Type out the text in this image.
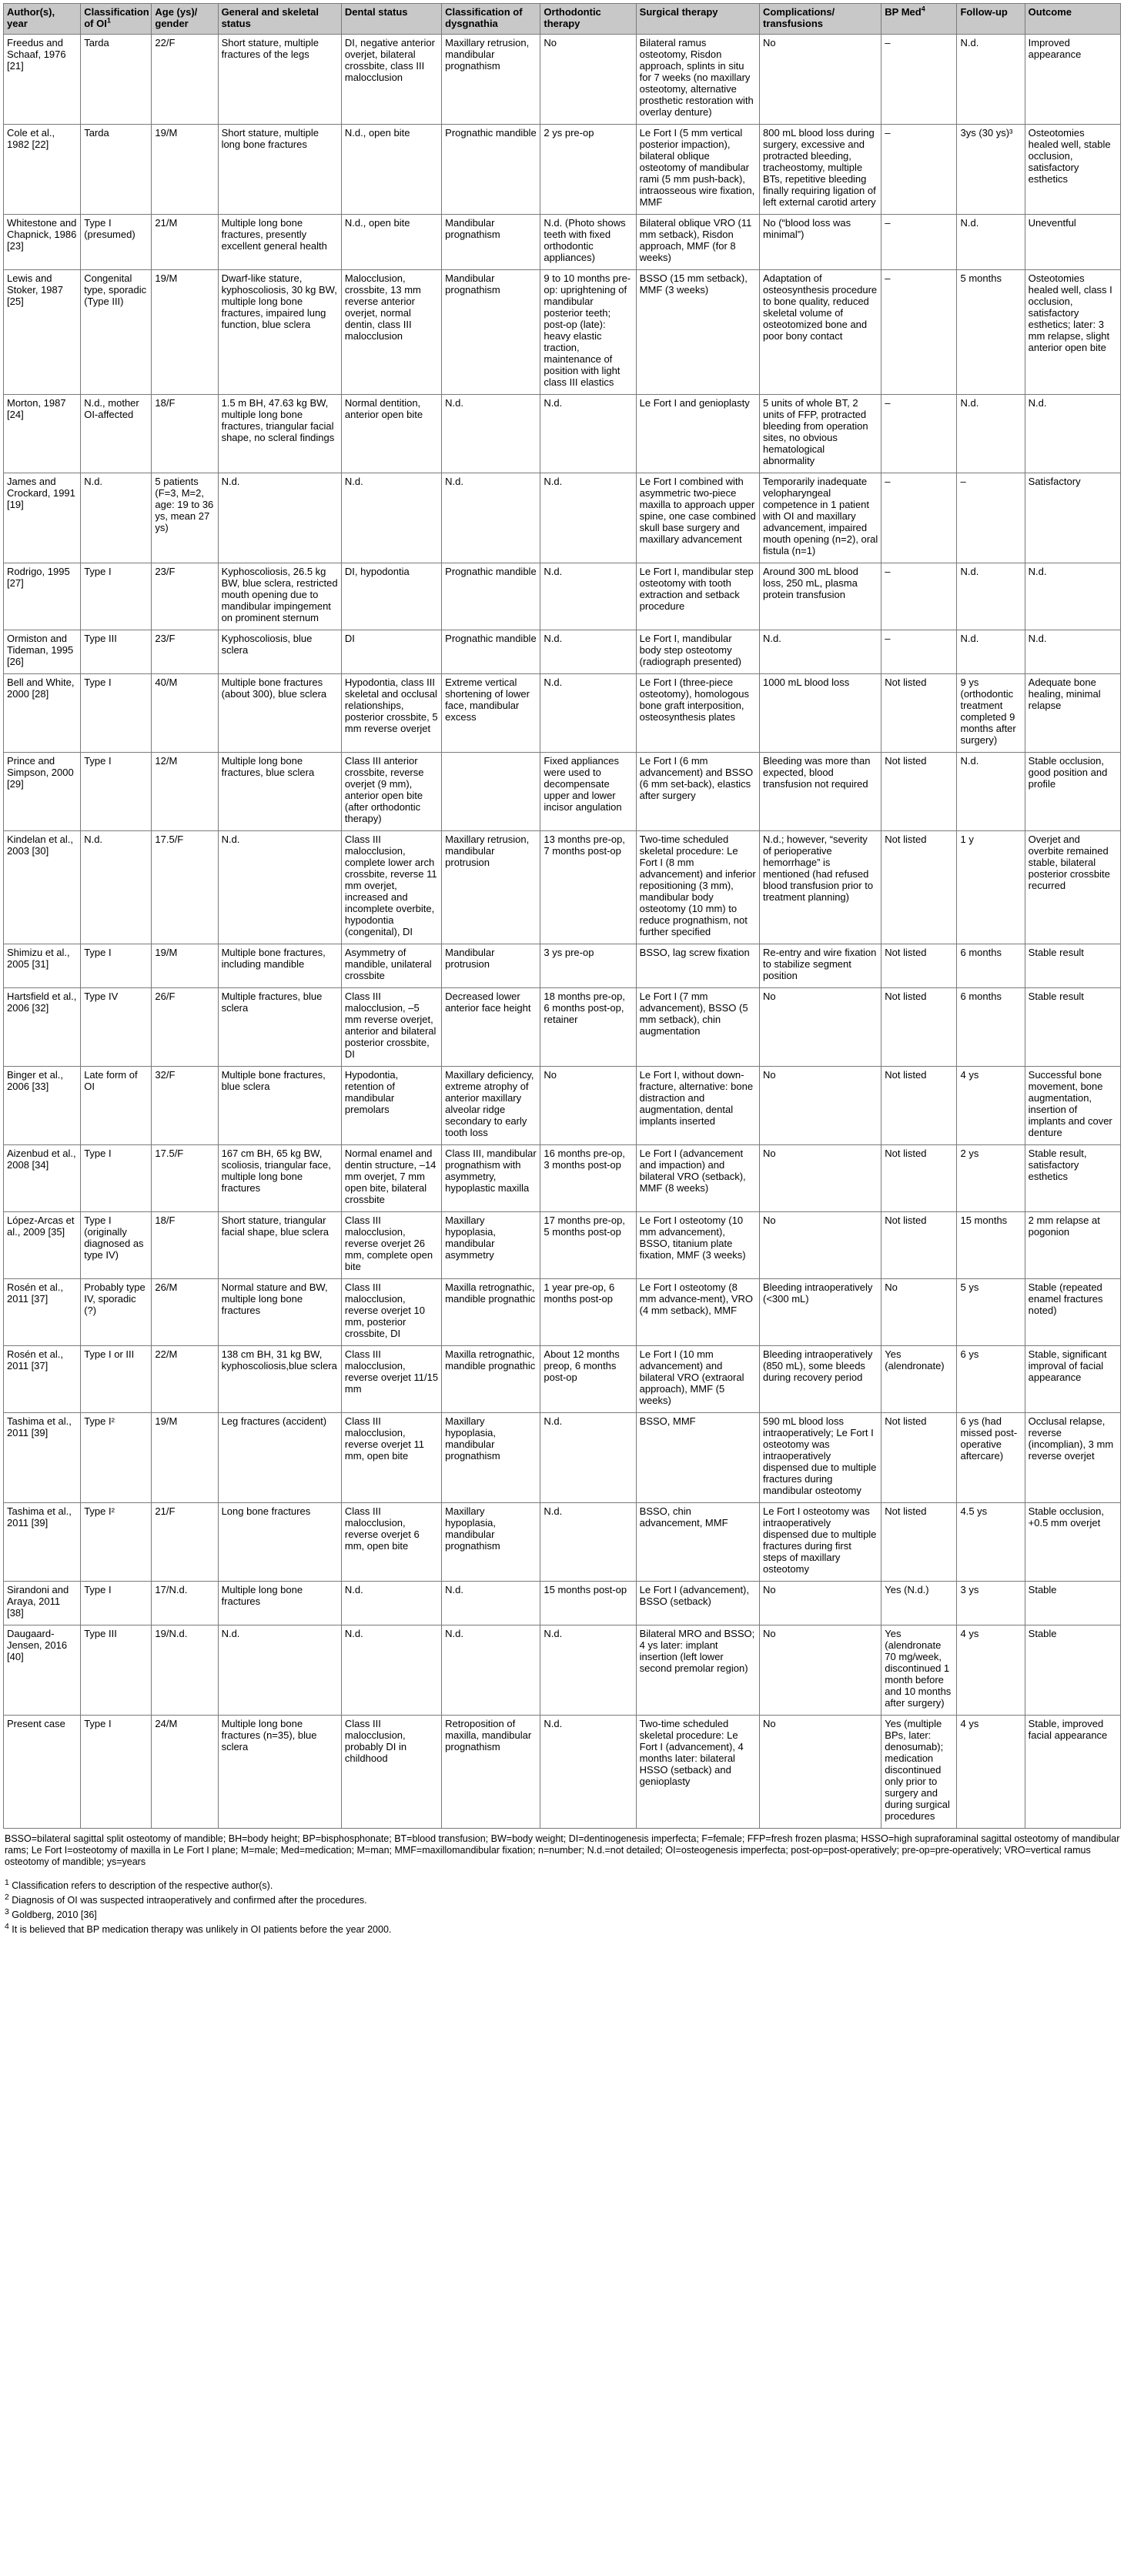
Author(s), year	Classification of $OI^1$	Age (ys)/ gender	General and skeletal status	Dental status	Classification of dysgnathia	Orthodontic therapy	Surgical therapy	Complications/ transfusions	BP Med$^4$	Follow-up	Outcome
Freedus and Schaaf, 1976 [21]	Tarda	22/F	Short stature, multiple fractures of the legs	DI, negative anterior overjet, bilateral crossbite, class III malocclusion	Maxillary retrusion, mandibular prognathism	No	Bilateral ramus osteotomy, Risdon approach, splints in situ for 7 weeks (no maxillary osteotomy, alternative prosthetic restoration with overlay denture)	No	–	N.d.	Improved appearance
Cole et al., 1982 [22]	Tarda	19/M	Short stature, multiple long bone fractures	N.d., open bite	Prognathic mandible	2 ys pre-op	Le Fort I (5 mm vertical posterior impaction), bilateral oblique osteotomy of mandibular rami (5 mm push-back), intraosseous wire fixation, MMF	800 mL blood loss during surgery, excessive and protracted bleeding, tracheostomy, multiple BTs, repetitive bleeding finally requiring ligation of left external carotid artery	–	3ys (30 ys)³	Osteotomies healed well, stable occlusion, satisfactory esthetics
Whitestone and Chapnick, 1986 [23]	Type I (presumed)	21/M	Multiple long bone fractures, presently excellent general health	N.d., open bite	Mandibular prognathism	N.d. (Photo shows teeth with fixed orthodontic appliances)	Bilateral oblique VRO (11 mm setback), Risdon approach, MMF (for 8 weeks)	No (“blood loss was minimal”)	–	N.d.	Uneventful
Lewis and Stoker, 1987 [25]	Congenital type, sporadic (Type III)	19/M	Dwarf-like stature, kyphoscoliosis, 30 kg BW, multiple long bone fractures, impaired lung function, blue sclera	Malocclusion, crossbite, 13 mm reverse anterior overjet, normal dentin, class III malocclusion	Mandibular prognathism	9 to 10 months pre-op: uprightening of mandibular posterior teeth; post-op (late): heavy elastic traction, maintenance of position with light class III elastics	BSSO (15 mm setback), MMF (3 weeks)	Adaptation of osteosynthesis procedure to bone quality, reduced skeletal volume of osteotomized bone and poor bony contact	–	5 months	Osteotomies healed well, class I occlusion, satisfactory esthetics; later: 3 mm relapse, slight anterior open bite
Morton, 1987 [24]	N.d., mother OI-affected	18/F	1.5 m BH, 47.63 kg BW, multiple long bone fractures, triangular facial shape, no scleral findings	Normal dentition, anterior open bite	N.d.	N.d.	Le Fort I and genioplasty	5 units of whole BT, 2 units of FFP, protracted bleeding from operation sites, no obvious hematological abnormality	–	N.d.	N.d.
James and Crockard, 1991 [19]	N.d.	5 patients (F=3, M=2, age: 19 to 36 ys, mean 27 ys)	N.d.	N.d.	N.d.	N.d.	Le Fort I combined with asymmetric two-piece maxilla to approach upper spine, one case combined skull base surgery and maxillary advancement	Temporarily inadequate velopharyngeal competence in 1 patient with OI and maxillary advancement, impaired mouth opening (n=2), oral fistula (n=1)	–	–	Satisfactory
Rodrigo, 1995 [27]	Type I	23/F	Kyphoscoliosis, 26.5 kg BW, blue sclera, restricted mouth opening due to mandibular impingement on prominent sternum	DI, hypodontia	Prognathic mandible	N.d.	Le Fort I, mandibular step osteotomy with tooth extraction and setback procedure	Around 300 mL blood loss, 250 mL, plasma protein transfusion	–	N.d.	N.d.
Ormiston and Tideman, 1995 [26]	Type III	23/F	Kyphoscoliosis, blue sclera	DI	Prognathic mandible	N.d.	Le Fort I, mandibular body step osteotomy (radiograph presented)	N.d.	–	N.d.	N.d.
Bell and White, 2000 [28]	Type I	40/M	Multiple bone fractures (about 300), blue sclera	Hypodontia, class III skeletal and occlusal relationships, posterior crossbite, 5 mm reverse overjet	Extreme vertical shortening of lower face, mandibular excess	N.d.	Le Fort I (three-piece osteotomy), homologous bone graft interposition, osteosynthesis plates	1000 mL blood loss	Not listed	9 ys (orthodontic treatment completed 9 months after surgery)	Adequate bone healing, minimal relapse
Prince and Simpson, 2000 [29]	Type I	12/M	Multiple long bone fractures, blue sclera	Class III anterior crossbite, reverse overjet (9 mm), anterior open bite (after orthodontic therapy)		Fixed appliances were used to decompensate upper and lower incisor angulation	Le Fort I (6 mm advancement) and BSSO (6 mm set-back), elastics after surgery	Bleeding was more than expected, blood transfusion not required	Not listed	N.d.	Stable occlusion, good position and profile
Kindelan et al., 2003 [30]	N.d.	17.5/F	N.d.	Class III malocclusion, complete lower arch crossbite, reverse 11 mm overjet, increased and incomplete overbite, hypodontia (congenital), DI	Maxillary retrusion, mandibular protrusion	13 months pre-op, 7 months post-op	Two-time scheduled skeletal procedure: Le Fort I (8 mm advancement) and inferior repositioning (3 mm), mandibular body osteotomy (10 mm) to reduce prognathism, not further specified	N.d.; however, “severity of perioperative hemorrhage” is mentioned (had refused blood transfusion prior to treatment planning)	Not listed	1 y	Overjet and overbite remained stable, bilateral posterior crossbite recurred
Shimizu et al., 2005 [31]	Type I	19/M	Multiple bone fractures, including mandible	Asymmetry of mandible, unilateral crossbite	Mandibular protrusion	3 ys pre-op	BSSO, lag screw fixation	Re-entry and wire fixation to stabilize segment position	Not listed	6 months	Stable result
Hartsfield et al., 2006 [32]	Type IV	26/F	Multiple fractures, blue sclera	Class III malocclusion, –5 mm reverse overjet, anterior and bilateral posterior crossbite, DI	Decreased lower anterior face height	18 months pre-op, 6 months post-op, retainer	Le Fort I (7 mm advancement), BSSO (5 mm setback), chin augmentation	No	Not listed	6 months	Stable result
Binger et al., 2006 [33]	Late form of OI	32/F	Multiple bone fractures, blue sclera	Hypodontia, retention of mandibular premolars	Maxillary deficiency, extreme atrophy of anterior maxillary alveolar ridge secondary to early tooth loss	No	Le Fort I, without down-fracture, alternative: bone distraction and augmentation, dental implants inserted	No	Not listed	4 ys	Successful bone movement, bone augmentation, insertion of implants and cover denture
Aizenbud et al., 2008 [34]	Type I	17.5/F	167 cm BH, 65 kg BW, scoliosis, triangular face, multiple long bone fractures	Normal enamel and dentin structure, –14 mm overjet, 7 mm open bite, bilateral crossbite	Class III, mandibular prognathism with asymmetry, hypoplastic maxilla	16 months pre-op, 3 months post-op	Le Fort I (advancement and impaction) and bilateral VRO (setback), MMF (8 weeks)	No	Not listed	2 ys	Stable result, satisfactory esthetics
López-Arcas et al., 2009 [35]	Type I (originally diagnosed as type IV)	18/F	Short stature, triangular facial shape, blue sclera	Class III malocclusion, reverse overjet 26 mm, complete open bite	Maxillary hypoplasia, mandibular asymmetry	17 months pre-op, 5 months post-op	Le Fort I osteotomy (10 mm advancement), BSSO, titanium plate fixation, MMF (3 weeks)	No	Not listed	15 months	2 mm relapse at pogonion
Rosén et al., 2011 [37]	Probably type IV, sporadic (?)	26/M	Normal stature and BW, multiple long bone fractures	Class III malocclusion, reverse overjet 10 mm, posterior crossbite, DI	Maxilla retrognathic, mandible prognathic	1 year pre-op, 6 months post-op	Le Fort I osteotomy (8 mm advance-ment), VRO (4 mm setback), MMF	Bleeding intraoperatively (<300 mL)	No	5 ys	Stable (repeated enamel fractures noted)
Rosén et al., 2011 [37]	Type I or III	22/M	138 cm BH, 31 kg BW, kyphoscoliosis,blue sclera	Class III malocclusion, reverse overjet 11/15 mm	Maxilla retrognathic, mandible prognathic	About 12 months preop, 6 months post-op	Le Fort I (10 mm advancement) and bilateral VRO (extraoral approach), MMF (5 weeks)	Bleeding intraoperatively (850 mL), some bleeds during recovery period	Yes (alendronate)	6 ys	Stable, significant improval of facial appearance
Tashima et al., 2011 [39]	Type I²	19/M	Leg fractures (accident)	Class III malocclusion, reverse overjet 11 mm, open bite	Maxillary hypoplasia, mandibular prognathism	N.d.	BSSO, MMF	590 mL blood loss intraoperatively; Le Fort I osteotomy was intraoperatively dispensed due to multiple fractures during mandibular osteotomy	Not listed	6 ys (had missed post-operative aftercare)	Occlusal relapse, reverse (incomplian), 3 mm reverse overjet
Tashima et al., 2011 [39]	Type I²	21/F	Long bone fractures	Class III malocclusion, reverse overjet 6 mm, open bite	Maxillary hypoplasia, mandibular prognathism	N.d.	BSSO, chin advancement, MMF	Le Fort I osteotomy was intraoperatively dispensed due to multiple fractures during first steps of maxillary osteotomy	Not listed	4.5 ys	Stable occlusion, +0.5 mm overjet
Sirandoni and Araya, 2011 [38]	Type I	17/N.d.	Multiple long bone fractures	N.d.	N.d.	15 months post-op	Le Fort I (advancement), BSSO (setback)	No	Yes (N.d.)	3 ys	Stable
Daugaard-Jensen, 2016 [40]	Type III	19/N.d.	N.d.	N.d.	N.d.	N.d.	Bilateral MRO and BSSO; 4 ys later: implant insertion (left lower second premolar region)	No	Yes (alendronate 70 mg/week, discontinued 1 month before and 10 months after surgery)	4 ys	Stable
Present case	Type I	24/M	Multiple long bone fractures (n=35), blue sclera	Class III malocclusion, probably DI in childhood	Retroposition of maxilla, mandibular prognathism	N.d.	Two-time scheduled skeletal procedure: Le Fort I (advancement), 4 months later: bilateral HSSO (setback) and genioplasty	No	Yes (multiple BPs, later: denosumab); medication discontinued only prior to surgery and during surgical procedures	4 ys	Stable, improved facial appearance
BSSO=bilateral sagittal split osteotomy of mandible; BH=body height; BP=bisphosphonate; BT=blood transfusion; BW=body weight; DI=dentinogenesis imperfecta; F=female; FFP=fresh frozen plasma; HSSO=high supraforaminal sagittal osteotomy of mandibular rams; Le Fort I=osteotomy of maxilla in Le Fort I plane; M=male; Med=medication; M=man; MMF=maxillomandibular fixation; n=number; N.d.=not detailed; OI=osteogenesis imperfecta; post-op=post-operatively; pre-op=pre-operatively; VRO=vertical ramus osteotomy of mandible; ys=years

$^1$ Classification refers to description of the respective author(s).

$^2$ Diagnosis of OI was suspected intraoperatively and confirmed after the procedures.

$^3$ Goldberg, 2010 [36]

$^4$ It is believed that BP medication therapy was unlikely in OI patients before the year 2000.
